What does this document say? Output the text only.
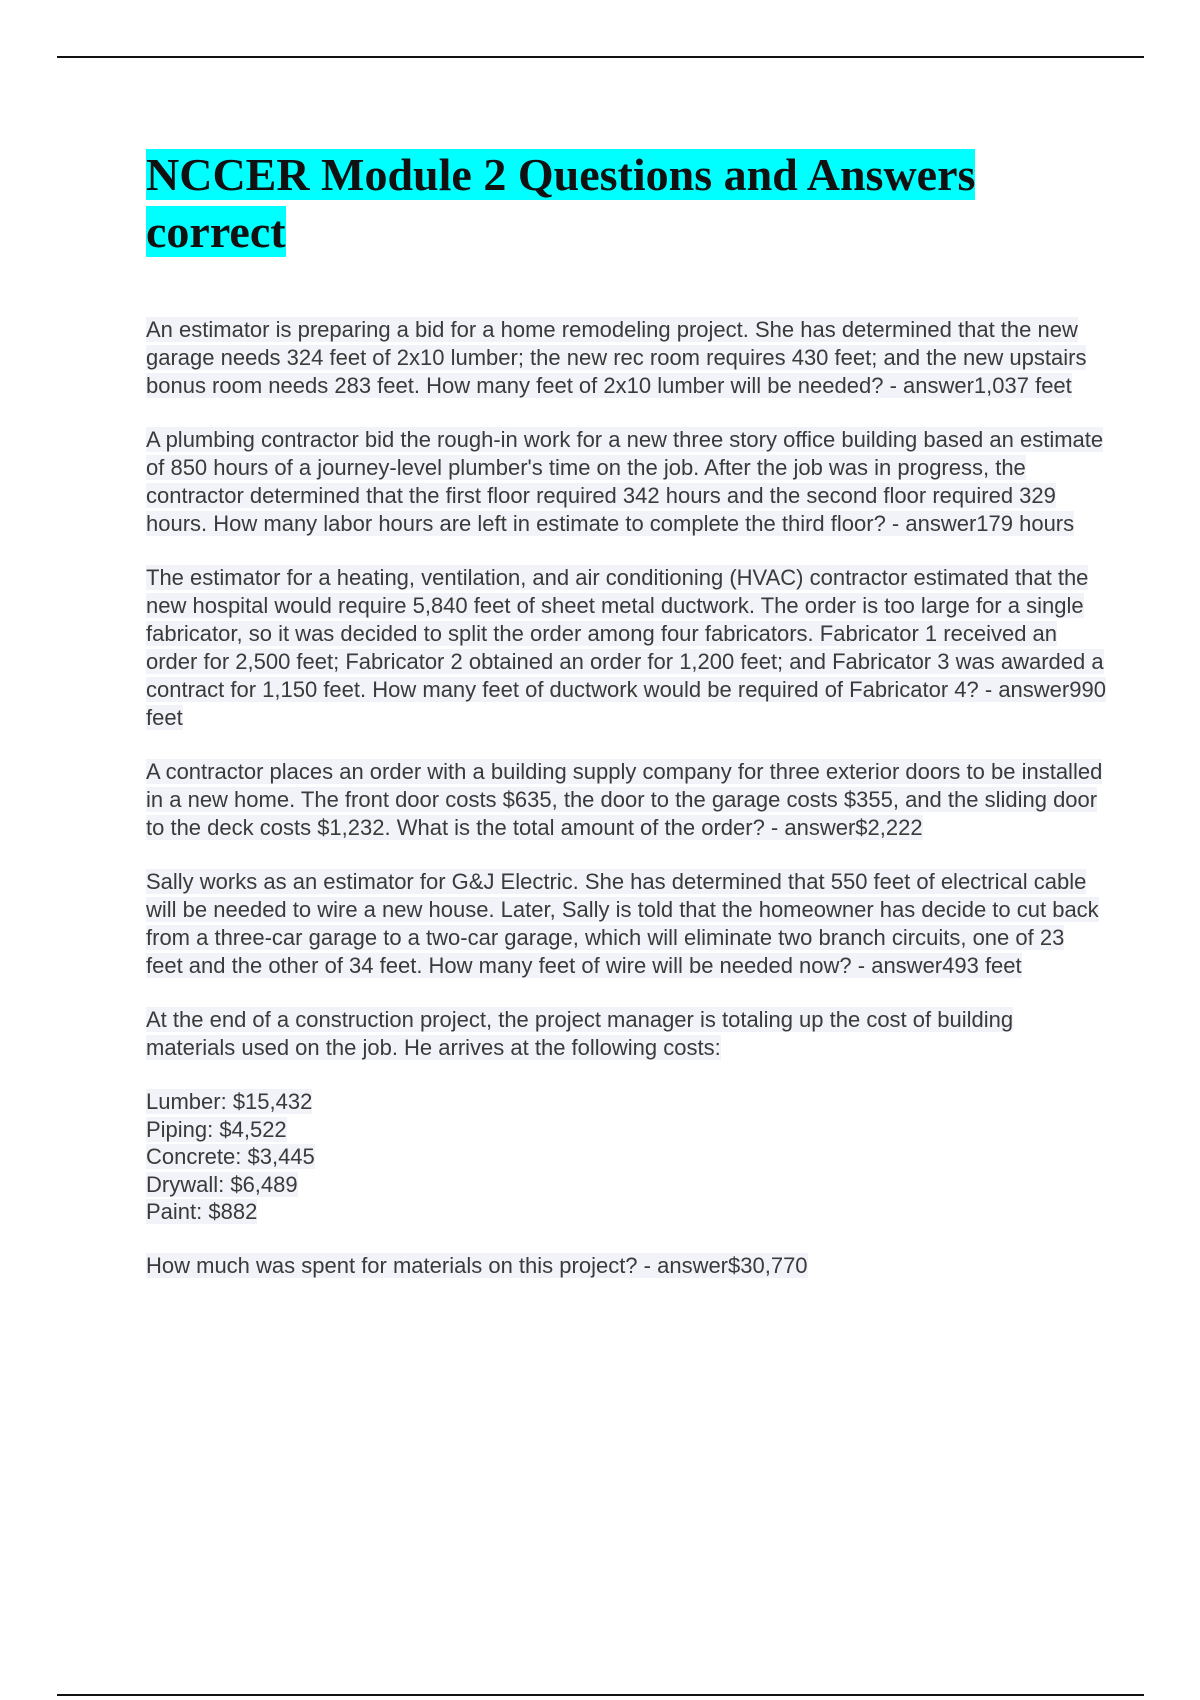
NCCER Module 2 Questions and Answers correct

An estimator is preparing a bid for a home remodeling project. She has determined that the new garage needs 324 feet of 2x10 lumber; the new rec room requires 430 feet; and the new upstairs bonus room needs 283 feet. How many feet of 2x10 lumber will be needed? - answer1,037 feet

A plumbing contractor bid the rough-in work for a new three story office building based an estimate of 850 hours of a journey-level plumber's time on the job. After the job was in progress, the contractor determined that the first floor required 342 hours and the second floor required 329 hours. How many labor hours are left in estimate to complete the third floor? - answer179 hours

The estimator for a heating, ventilation, and air conditioning (HVAC) contractor estimated that the new hospital would require 5,840 feet of sheet metal ductwork. The order is too large for a single fabricator, so it was decided to split the order among four fabricators. Fabricator 1 received an order for 2,500 feet; Fabricator 2 obtained an order for 1,200 feet; and Fabricator 3 was awarded a contract for 1,150 feet. How many feet of ductwork would be required of Fabricator 4? - answer990 feet

A contractor places an order with a building supply company for three exterior doors to be installed in a new home. The front door costs $635, the door to the garage costs $355, and the sliding door to the deck costs $1,232. What is the total amount of the order? - answer$2,222

Sally works as an estimator for G&J Electric. She has determined that 550 feet of electrical cable will be needed to wire a new house. Later, Sally is told that the homeowner has decide to cut back from a three-car garage to a two-car garage, which will eliminate two branch circuits, one of 23 feet and the other of 34 feet. How many feet of wire will be needed now? - answer493 feet

At the end of a construction project, the project manager is totaling up the cost of building materials used on the job. He arrives at the following costs:

Lumber: $15,432
Piping: $4,522
Concrete: $3,445
Drywall: $6,489
Paint: $882

How much was spent for materials on this project? - answer$30,770
